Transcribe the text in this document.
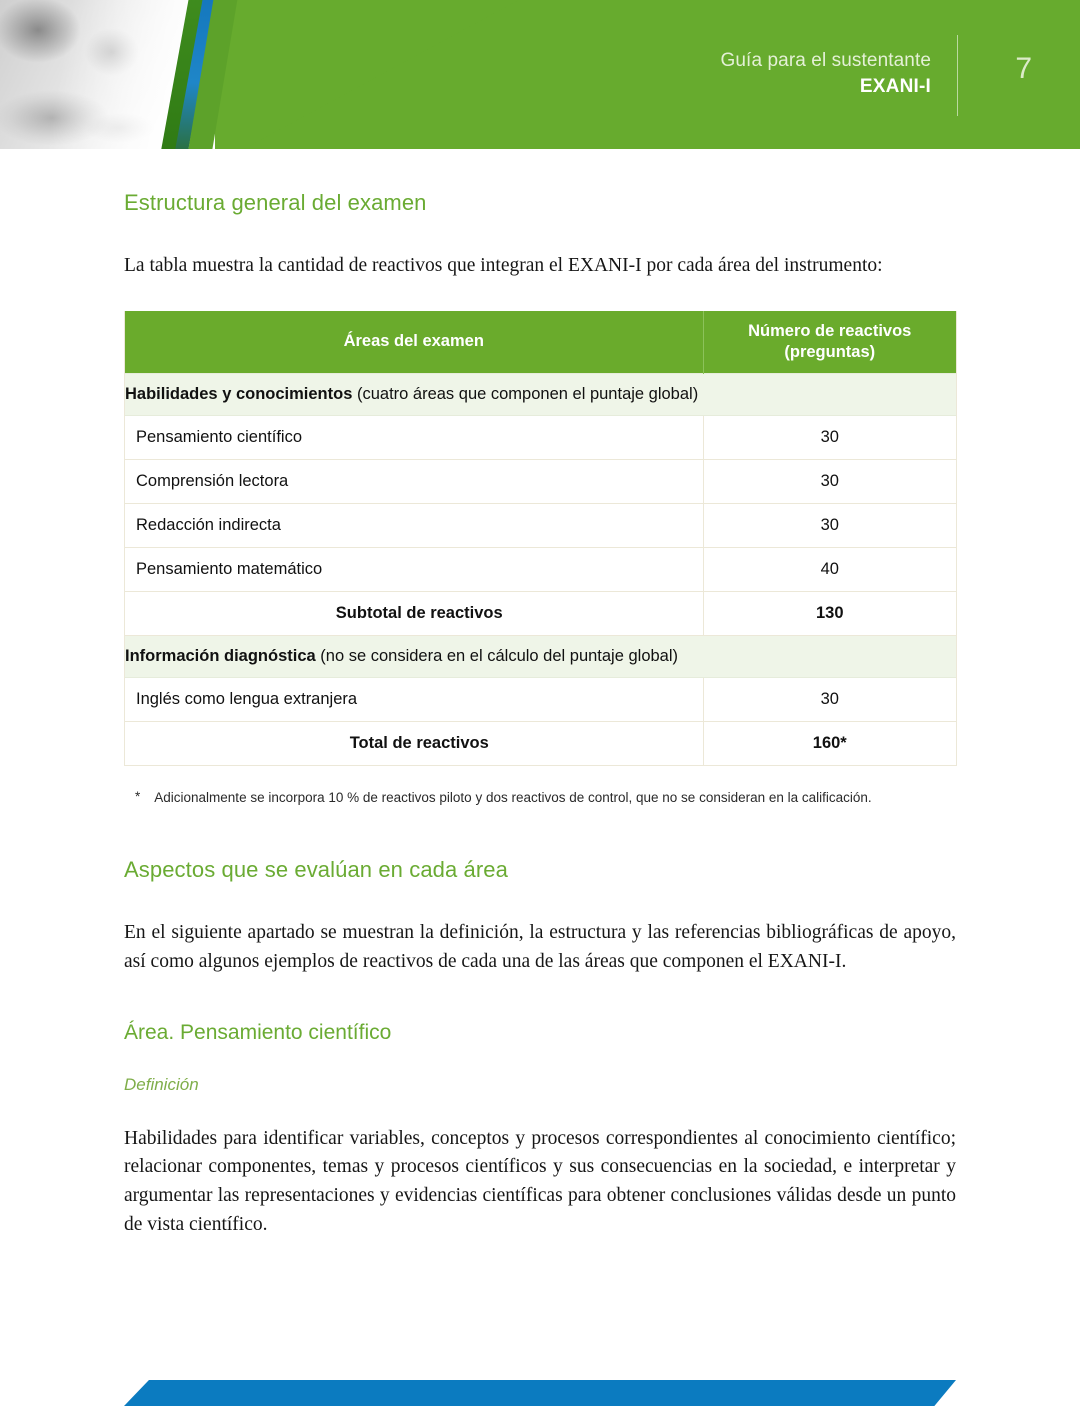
Guía para el sustentante
EXANI-I
7
Estructura general del examen

La tabla muestra la cantidad de reactivos que integran el EXANI-I por cada área del instrumento:

Áreas del examen	Número de reactivos
(preguntas)
Habilidades y conocimientos (cuatro áreas que componen el puntaje global)	
Pensamiento científico	30
Comprensión lectora	30
Redacción indirecta	30
Pensamiento matemático	40
Subtotal de reactivos	130
Información diagnóstica (no se considera en el cálculo del puntaje global)	
Inglés como lengua extranjera	30
Total de reactivos	160*
* Adicionalmente se incorpora 10 % de reactivos piloto y dos reactivos de control, que no se consideran en la calificación.
Aspectos que se evalúan en cada área

En el siguiente apartado se muestran la definición, la estructura y las referencias bibliográficas de apoyo, así como algunos ejemplos de reactivos de cada una de las áreas que componen el EXANI-I.

Área. Pensamiento científico
Definición

Habilidades para identificar variables, conceptos y procesos correspondientes al conocimiento científico; relacionar componentes, temas y procesos científicos y sus consecuencias en la sociedad, e interpretar y argumentar las representaciones y evidencias científicas para obtener conclusiones válidas desde un punto de vista científico.
